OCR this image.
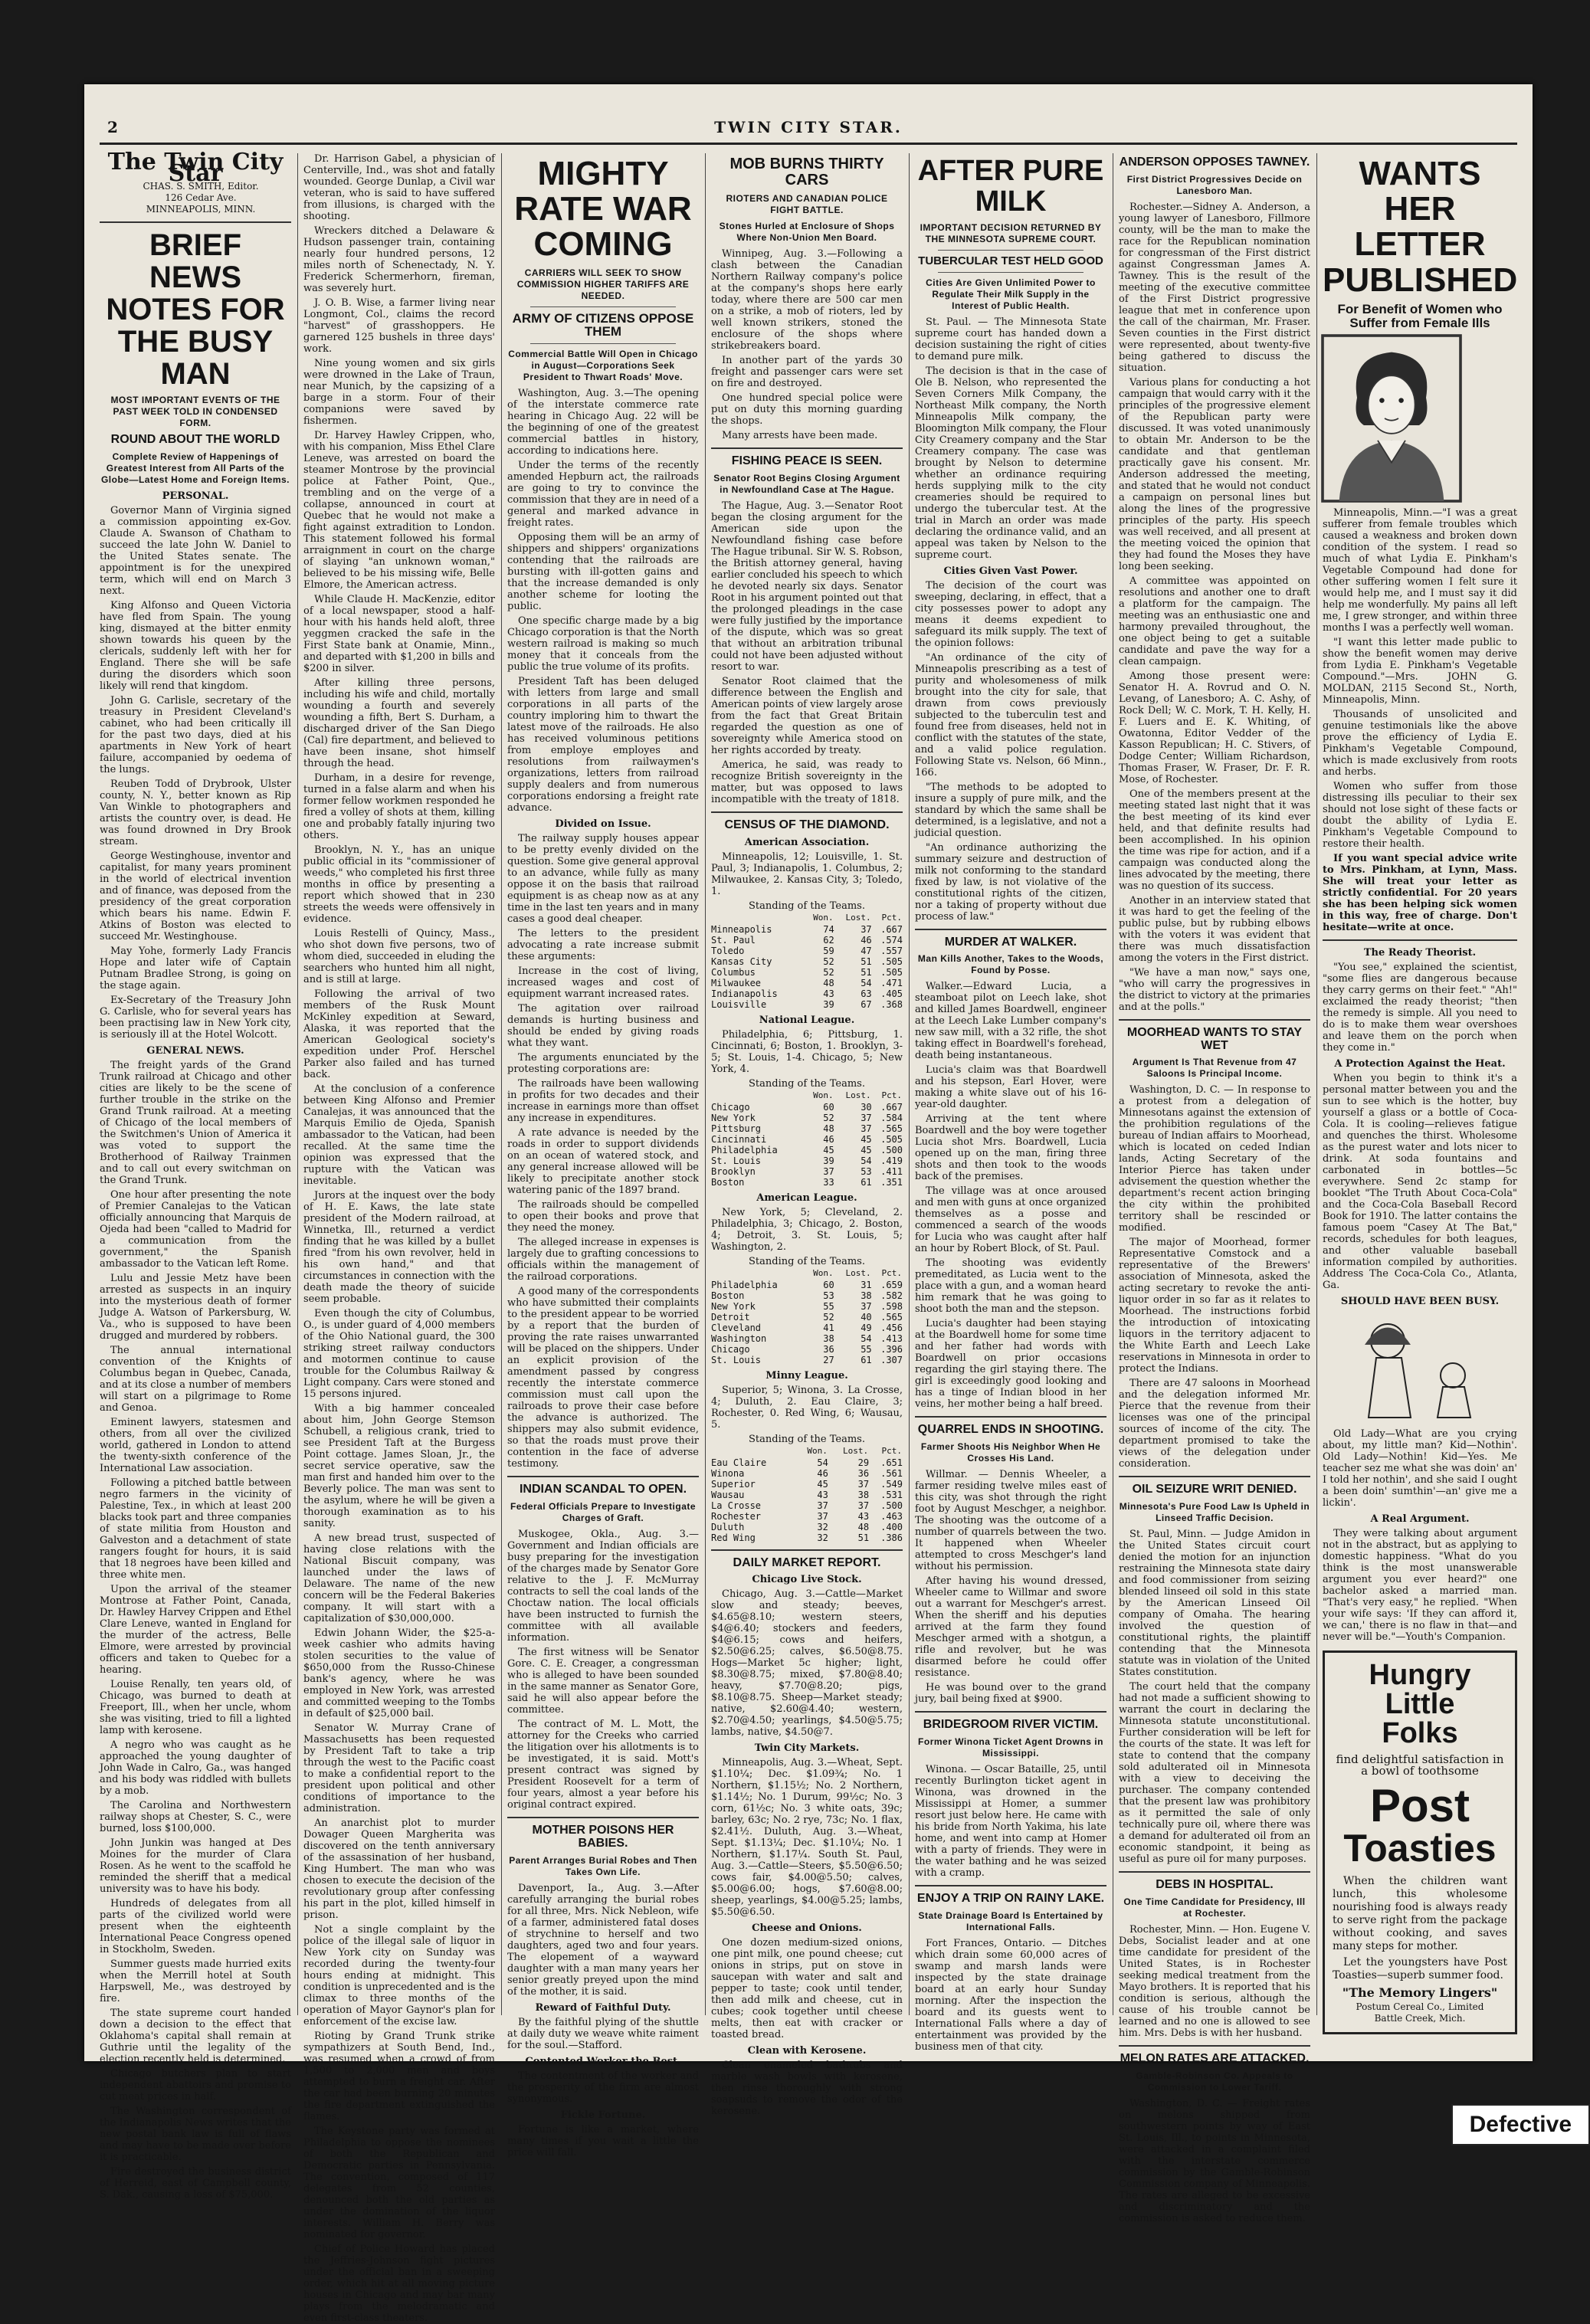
2	TWIN CITY STAR.
The Twin City Star

CHAS. S. SMITH, Editor.

126 Cedar Ave.

MINNEAPOLIS, MINN.

BRIEF NEWS NOTES FOR THE BUSY MAN
MOST IMPORTANT EVENTS OF THE PAST WEEK TOLD IN CONDENSED FORM.
ROUND ABOUT THE WORLD
Complete Review of Happenings of Greatest Interest from All Parts of the Globe—Latest Home and Foreign Items.
PERSONAL.

Governor Mann of Virginia signed a commission appointing ex-Gov. Claude A. Swanson of Chatham to succeed the late John W. Daniel to the United States senate. The appointment is for the unexpired term, which will end on March 3 next.

King Alfonso and Queen Victoria have fled from Spain. The young king, dismayed at the bitter enmity shown towards his queen by the clericals, suddenly left with her for England. There she will be safe during the disorders which soon likely will rend that kingdom.

John G. Carlisle, secretary of the treasury in President Cleveland's cabinet, who had been critically ill for the past two days, died at his apartments in New York of heart failure, accompanied by oedema of the lungs.

Reuben Todd of Drybrook, Ulster county, N. Y., better known as Rip Van Winkle to photographers and artists the country over, is dead. He was found drowned in Dry Brook stream.

George Westinghouse, inventor and capitalist, for many years prominent in the world of electrical invention and of finance, was deposed from the presidency of the great corporation which bears his name. Edwin F. Atkins of Boston was elected to succeed Mr. Westinghouse.

May Yohe, formerly Lady Francis Hope and later wife of Captain Putnam Bradlee Strong, is going on the stage again.

Ex-Secretary of the Treasury John G. Carlisle, who for several years has been practising law in New York city, is seriously ill at the Hotel Wolcott.

GENERAL NEWS.

The freight yards of the Grand Trunk railroad at Chicago and other cities are likely to be the scene of further trouble in the strike on the Grand Trunk railroad. At a meeting of Chicago of the local members of the Switchmen's Union of America it was voted to support the Brotherhood of Railway Trainmen and to call out every switchman on the Grand Trunk.

One hour after presenting the note of Premier Canalejas to the Vatican officially announcing that Marquis de Ojeda had been "called to Madrid for a communication from the government," the Spanish ambassador to the Vatican left Rome.

Lulu and Jessie Metz have been arrested as suspects in an inquiry into the mysterious death of former Judge A. Watson of Parkersburg, W. Va., who is supposed to have been drugged and murdered by robbers.

The annual international convention of the Knights of Columbus began in Quebec, Canada, and at its close a number of members will start on a pilgrimage to Rome and Genoa.

Eminent lawyers, statesmen and others, from all over the civilized world, gathered in London to attend the twenty-sixth conference of the International Law association.

Following a pitched battle between negro farmers in the vicinity of Palestine, Tex., in which at least 200 blacks took part and three companies of state militia from Houston and Galveston and a detachment of state rangers fought for hours, it is said that 18 negroes have been killed and three white men.

Upon the arrival of the steamer Montrose at Father Point, Canada, Dr. Hawley Harvey Crippen and Ethel Clare Leneve, wanted in England for the murder of the actress, Belle Elmore, were arrested by provincial officers and taken to Quebec for a hearing.

Louise Renally, ten years old, of Chicago, was burned to death at Freeport, Ill., when her uncle, whom she was visiting, tried to fill a lighted lamp with kerosene.

A negro who was caught as he approached the young daughter of John Wade in Calro, Ga., was hanged and his body was riddled with bullets by a mob.

The Carolina and Northwestern railway shops at Chester, S. C., were burned, loss $100,000.

John Junkin was hanged at Des Moines for the murder of Clara Rosen. As he went to the scaffold he reminded the sheriff that a medical university was to have his body.

Hundreds of delegates from all parts of the civilized world were present when the eighteenth International Peace Congress opened in Stockholm, Sweden.

Summer guests made hurried exits when the Merrill hotel at South Harpswell, Me., was destroyed by fire.

The state supreme court handed down a decision to the effect that Oklahoma's capital shall remain at Guthrie until the legality of the election recently held is determined.

Chicago butchers plan to start independent abattoirs and promise to cut meat prices in half.

The Washington correspondent of the Indianapolis News writes that the new postal bank law is full of flaws and may have to be made over before it is practicable.

Fire destroyed the business district of Herreid, east of Campbell county, S. Dak., causing a loss of $75,000.

Dr. Harrison Gabel, a physician of Centerville, Ind., was shot and fatally wounded. George Dunlap, a Civil war veteran, who is said to have suffered from illusions, is charged with the shooting.

Wreckers ditched a Delaware & Hudson passenger train, containing nearly four hundred persons, 12 miles north of Schenectady, N. Y. Frederick Schermerhorn, fireman, was severely hurt.

J. O. B. Wise, a farmer living near Longmont, Col., claims the record "harvest" of grasshoppers. He garnered 125 bushels in three days' work.

Nine young women and six girls were drowned in the Lake of Traun, near Munich, by the capsizing of a barge in a storm. Four of their companions were saved by fishermen.

Dr. Harvey Hawley Crippen, who, with his companion, Miss Ethel Clare Leneve, was arrested on board the steamer Montrose by the provincial police at Father Point, Que., trembling and on the verge of a collapse, announced in court at Quebec that he would not make a fight against extradition to London. This statement followed his formal arraignment in court on the charge of slaying "an unknown woman," believed to be his missing wife, Belle Elmore, the American actress.

While Claude H. MacKenzie, editor of a local newspaper, stood a half-hour with his hands held aloft, three yeggmen cracked the safe in the First State bank at Onamie, Minn., and departed with $1,200 in bills and $200 in silver.

After killing three persons, including his wife and child, mortally wounding a fourth and severely wounding a fifth, Bert S. Durham, a discharged driver of the San Diego (Cal) fire department, and believed to have been insane, shot himself through the head.

Durham, in a desire for revenge, turned in a false alarm and when his former fellow workmen responded he fired a volley of shots at them, killing one and probably fatally injuring two others.

Brooklyn, N. Y., has an unique public official in its "commissioner of weeds," who completed his first three months in office by presenting a report which showed that in 230 streets the weeds were offensively in evidence.

Louis Restelli of Quincy, Mass., who shot down five persons, two of whom died, succeeded in eluding the searchers who hunted him all night, and is still at large.

Following the arrival of two members of the Rusk Mount McKinley expedition at Seward, Alaska, it was reported that the American Geological society's expedition under Prof. Herschel Parker also failed and has turned back.

At the conclusion of a conference between King Alfonso and Premier Canalejas, it was announced that the Marquis Emilio de Ojeda, Spanish ambassador to the Vatican, had been recalled. At the same time the opinion was expressed that the rupture with the Vatican was inevitable.

Jurors at the inquest over the body of H. E. Kaws, the late state president of the Modern railroad, at Winnetka, Ill., returned a verdict finding that he was killed by a bullet fired "from his own revolver, held in his own hand," and that circumstances in connection with the death made the theory of suicide seem probable.

Even though the city of Columbus, O., is under guard of 4,000 members of the Ohio National guard, the 300 striking street railway conductors and motormen continue to cause trouble for the Columbus Railway & Light company. Cars were stoned and 15 persons injured.

With a big hammer concealed about him, John George Stemson Schubell, a religious crank, tried to see President Taft at the Burgess Point cottage. James Sloan, Jr., the secret service operative, saw the man first and handed him over to the Beverly police. The man was sent to the asylum, where he will be given a thorough examination as to his sanity.

A new bread trust, suspected of having close relations with the National Biscuit company, was launched under the laws of Delaware. The name of the new concern will be the Federal Bakeries company. It will start with a capitalization of $30,000,000.

Edwin Johann Wider, the $25-a-week cashier who admits having stolen securities to the value of $650,000 from the Russo-Chinese bank's agency, where he was employed in New York, was arrested and committed weeping to the Tombs in default of $25,000 bail.

Senator W. Murray Crane of Massachusetts has been requested by President Taft to take a trip through the west to the Pacific coast to make a confidential report to the president upon political and other conditions of importance to the administration.

An anarchist plot to murder Dowager Queen Margherita was discovered on the tenth anniversary of the assassination of her husband, King Humbert. The man who was chosen to execute the decision of the revolutionary group after confessing his part in the plot, killed himself in prison.

Not a single complaint by the police of the illegal sale of liquor in New York city on Sunday was recorded during the twenty-four hours ending at midnight. This condition is unprecedented and is the climax to three months of the operation of Mayor Gaynor's plan for enforcement of the excise law.

Rioting by Grand Trunk strike sympathizers at South Bend, Ind., was resumed when a crowd of from 1,500 to 2,000 men and boys attempted to burn a freight car. After the car had been burning 20 minutes the fire department extinguished the flames.

The Keystone party was formed at Philadelphia to oppose the nominees of both the Republican and Democratic parties in Pennsylvania. The convention, composed of 117 delegates from 52 counties, denounced both the old parties as under the domination of the liquor interests. William H. Berry was nominated for governor.

Chief of Police Howard has placed the Jeffries-Johnson fight pictures under the official ban in a sweeping order, which hit at all moving picture houses in Chicago and may bar many plays from the melodramatic and even first-class theaters.

MIGHTY RATE WAR COMING
CARRIERS WILL SEEK TO SHOW COMMISSION HIGHER TARIFFS ARE NEEDED.
ARMY OF CITIZENS OPPOSE THEM
Commercial Battle Will Open in Chicago in August—Corporations Seek President to Thwart Roads' Move.

Washington, Aug. 3.—The opening of the interstate commerce rate hearing in Chicago Aug. 22 will be the beginning of one of the greatest commercial battles in history, according to indications here.

Under the terms of the recently amended Hepburn act, the railroads are going to try to convince the commission that they are in need of a general and marked advance in freight rates.

Opposing them will be an army of shippers and shippers' organizations contending that the railroads are bursting with ill-gotten gains and that the increase demanded is only another scheme for looting the public.

One specific charge made by a big Chicago corporation is that the North western railroad is making so much money that it conceals from the public the true volume of its profits.

President Taft has been deluged with letters from large and small corporations in all parts of the country imploring him to thwart the latest move of the railroads. He also has received voluminous petitions from employe employes and resolutions from railwaymen's organizations, letters from railroad supply dealers and from numerous corporations endorsing a freight rate advance.

Divided on Issue.

The railway supply houses appear to be pretty evenly divided on the question. Some give general approval to an advance, while fully as many oppose it on the basis that railroad equipment is as cheap now as at any time in the last ten years and in many cases a good deal cheaper.

The letters to the president advocating a rate increase submit these arguments:

Increase in the cost of living, increased wages and cost of equipment warrant increased rates.

The agitation over railroad demands is hurting business and should be ended by giving roads what they want.

The arguments enunciated by the protesting corporations are:

The railroads have been wallowing in profits for two decades and their increase in earnings more than offset any increase in expenditures.

A rate advance is needed by the roads in order to support dividends on an ocean of watered stock, and any general increase allowed will be likely to precipitate another stock watering panic of the 1897 brand.

The railroads should be compelled to open their books and prove that they need the money.

The alleged increase in expenses is largely due to grafting concessions to officials within the management of the railroad corporations.

A good many of the correspondents who have submitted their complaints to the president appear to be worried by a report that the burden of proving the rate raises unwarranted will be placed on the shippers. Under an explicit provision of the amendment passed by congress recently the interstate commerce commission must call upon the railroads to prove their case before the advance is authorized. The shippers may also submit evidence, so that the roads must prove their contention in the face of adverse testimony.

INDIAN SCANDAL TO OPEN.
Federal Officials Prepare to Investigate Charges of Graft.

Muskogee, Okla., Aug. 3.—Government and Indian officials are busy preparing for the investigation of the charges made by Senator Gore relative to the J. F. McMurray contracts to sell the coal lands of the Choctaw nation. The local officials have been instructed to furnish the committee with all available information.

The first witness will be Senator Gore. C. E. Creager, a congressman who is alleged to have been sounded in the same manner as Senator Gore, said he will also appear before the committee.

The contract of M. L. Mott, the attorney for the Creeks who carried the litigation over his allotments is to be investigated, it is said. Mott's present contract was signed by President Roosevelt for a term of four years, almost a year before his original contract expired.

MOTHER POISONS HER BABIES.
Parent Arranges Burial Robes and Then Takes Own Life.

Davenport, Ia., Aug. 3.—After carefully arranging the burial robes for all three, Mrs. Nick Nebleon, wife of a farmer, administered fatal doses of strychnine to herself and two daughters, aged two and four years. The elopement of a wayward daughter with a man many years her senior greatly preyed upon the mind of the mother, it is said.

Reward of Faithful Duty.

By the faithful plying of the shuttle at daily duty we weave white raiment for the soul.—Stafford.

Contented Worker the Best.

The contentment of the worker and the prosperity of the firm are almost synonymous.

Fickle Fortune.

Fortune is like a market, where many times if you wait a little the price will fall.

MOB BURNS THIRTY CARS
RIOTERS AND CANADIAN POLICE FIGHT BATTLE.
Stones Hurled at Enclosure of Shops Where Non-Union Men Board.

Winnipeg, Aug. 3.—Following a clash between the Canadian Northern Railway company's police at the company's shops here early today, where there are 500 car men on a strike, a mob of rioters, led by well known strikers, stoned the enclosure of the shops where strikebreakers board.

In another part of the yards 30 freight and passenger cars were set on fire and destroyed.

One hundred special police were put on duty this morning guarding the shops.

Many arrests have been made.

FISHING PEACE IS SEEN.
Senator Root Begins Closing Argument in Newfoundland Case at The Hague.

The Hague, Aug. 3.—Senator Root began the closing argument for the American side upon the Newfoundland fishing case before The Hague tribunal. Sir W. S. Robson, the British attorney general, having earlier concluded his speech to which he devoted nearly six days. Senator Root in his argument pointed out that the prolonged pleadings in the case were fully justified by the importance of the dispute, which was so great that without an arbitration tribunal could not have been adjusted without resort to war.

Senator Root claimed that the difference between the English and American points of view largely arose from the fact that Great Britain regarded the question as one of sovereignty while America stood on her rights accorded by treaty.

America, he said, was ready to recognize British sovereignty in the matter, but was opposed to laws incompatible with the treaty of 1818.

CENSUS OF THE DIAMOND.
American Association.

Minneapolis, 12; Louisville, 1. St. Paul, 3; Indianapolis, 1. Columbus, 2; Milwaukee, 2. Kansas City, 3; Toledo, 1.

Standing of the Teams.
	Won.	Lost.	Pct.
Minneapolis	74	37	.667
St. Paul	62	46	.574
Toledo	59	47	.557
Kansas City	52	51	.505
Columbus	52	51	.505
Milwaukee	48	54	.471
Indianapolis	43	63	.405
Louisville	39	67	.368
National League.

Philadelphia, 6; Pittsburg, 1. Cincinnati, 6; Boston, 1. Brooklyn, 3-5; St. Louis, 1-4. Chicago, 5; New York, 4.

Standing of the Teams.
	Won.	Lost.	Pct.
Chicago	60	30	.667
New York	52	37	.584
Pittsburg	48	37	.565
Cincinnati	46	45	.505
Philadelphia	45	45	.500
St. Louis	39	54	.419
Brooklyn	37	53	.411
Boston	33	61	.351
American League.

New York, 5; Cleveland, 2. Philadelphia, 3; Chicago, 2. Boston, 4; Detroit, 3. St. Louis, 5; Washington, 2.

Standing of the Teams.
	Won.	Lost.	Pct.
Philadelphia	60	31	.659
Boston	53	38	.582
New York	55	37	.598
Detroit	52	40	.565
Cleveland	41	49	.456
Washington	38	54	.413
Chicago	36	55	.396
St. Louis	27	61	.307
Minny League.

Superior, 5; Winona, 3. La Crosse, 4; Duluth, 2. Eau Claire, 3; Rochester, 0. Red Wing, 6; Wausau, 5.

Standing of the Teams.
	Won.	Lost.	Pct.
Eau Claire	54	29	.651
Winona	46	36	.561
Superior	45	37	.549
Wausau	43	38	.531
La Crosse	37	37	.500
Rochester	37	43	.463
Duluth	32	48	.400
Red Wing	32	51	.386
DAILY MARKET REPORT.
Chicago Live Stock.

Chicago, Aug. 3.—Cattle—Market slow and steady; beeves, $4.65@8.10; western steers, $4@6.40; stockers and feeders, $4@6.15; cows and heifers, $2.50@6.25; calves, $6.50@8.75. Hogs—Market 5c higher; light, $8.30@8.75; mixed, $7.80@8.40; heavy, $7.70@8.20; pigs, $8.10@8.75. Sheep—Market steady; native, $2.60@4.40; western, $2.70@4.50; yearlings, $4.50@5.75; lambs, native, $4.50@7.

Twin City Markets.

Minneapolis, Aug. 3.—Wheat, Sept. $1.10¼; Dec. $1.09¾; No. 1 Northern, $1.15½; No. 2 Northern, $1.14½; No. 1 Durum, 99½c; No. 3 corn, 61½c; No. 3 white oats, 39c; barley, 63c; No. 2 rye, 73c; No. 1 flax, $2.41½. Duluth, Aug. 3.—Wheat, Sept. $1.13¼; Dec. $1.10¼; No. 1 Northern, $1.17¼. South St. Paul, Aug. 3.—Cattle—Steers, $5.50@6.50; cows fair, $4.00@5.50; calves, $5.00@6.00; hogs, $7.60@8.00; sheep, yearlings, $4.00@5.25; lambs, $5.50@6.50.

Cheese and Onions.

One dozen medium-sized onions, one pint milk, one pound cheese; cut onions in strips, put on stove in saucepan with water and salt and pepper to taste; cook until tender, then add milk and cheese, cut in cubes; cook together until cheese melts, then eat with cracker or toasted bread.

Clean with Kerosene.

Clean enameled bathtubs and marble wash bowls with kerosene, then rinse thoroughly with strong soapsuds to remove the odor of the kerosene.

AFTER PURE MILK
IMPORTANT DECISION RETURNED BY THE MINNESOTA SUPREME COURT.
TUBERCULAR TEST HELD GOOD
Cities Are Given Unlimited Power to Regulate Their Milk Supply in the Interest of Public Health.

St. Paul. — The Minnesota State supreme court has handed down a decision sustaining the right of cities to demand pure milk.

The decision is that in the case of Ole B. Nelson, who represented the Seven Corners Milk Company, the Northeast Milk company, the North Minneapolis Milk company, the Bloomington Milk company, the Flour City Creamery company and the Star Creamery company. The case was brought by Nelson to determine whether an ordinance requiring herds supplying milk to the city creameries should be required to undergo the tubercular test. At the trial in March an order was made declaring the ordinance valid, and an appeal was taken by Nelson to the supreme court.

Cities Given Vast Power.

The decision of the court was sweeping, declaring, in effect, that a city possesses power to adopt any means it deems expedient to safeguard its milk supply. The text of the opinion follows:

"An ordinance of the city of Minneapolis prescribing as a test of purity and wholesomeness of milk brought into the city for sale, that drawn from cows previously subjected to the tuberculin test and found free from diseases, held not in conflict with the statutes of the state, and a valid police regulation. Following State vs. Nelson, 66 Minn., 166.

"The methods to be adopted to insure a supply of pure milk, and the standard by which the same shall be determined, is a legislative, and not a judicial question.

"An ordinance authorizing the summary seizure and destruction of milk not conforming to the standard fixed by law, is not violative of the constitutional rights of the citizen, nor a taking of property without due process of law."

MURDER AT WALKER.
Man Kills Another, Takes to the Woods, Found by Posse.

Walker.—Edward Lucia, a steamboat pilot on Leech lake, shot and killed James Boardwell, engineer at the Leech Lake Lumber company's new saw mill, with a 32 rifle, the shot taking effect in Boardwell's forehead, death being instantaneous.

Lucia's claim was that Boardwell and his stepson, Earl Hover, were making a white slave out of his 16-year-old daughter.

Arriving at the tent where Boardwell and the boy were together Lucia shot Mrs. Boardwell, Lucia opened up on the man, firing three shots and then took to the woods back of the premises.

The village was at once aroused and men with guns at once organized themselves as a posse and commenced a search of the woods for Lucia who was caught after half an hour by Robert Block, of St. Paul.

The shooting was evidently premeditated, as Lucia went to the place with a gun, and a woman heard him remark that he was going to shoot both the man and the stepson.

Lucia's daughter had been staying at the Boardwell home for some time and her father had words with Boardwell on prior occasions regarding the girl staying there. The girl is exceedingly good looking and has a tinge of Indian blood in her veins, her mother being a half breed.

QUARREL ENDS IN SHOOTING.
Farmer Shoots His Neighbor When He Crosses His Land.

Willmar. — Dennis Wheeler, a farmer residing twelve miles east of this city, was shot through the right foot by August Meschger, a neighbor. The shooting was the outcome of a number of quarrels between the two. It happened when Wheeler attempted to cross Meschger's land without his permission.

After having his wound dressed, Wheeler came to Willmar and swore out a warrant for Meschger's arrest. When the sheriff and his deputies arrived at the farm they found Meschger armed with a shotgun, a rifle and revolver, but he was disarmed before he could offer resistance.

He was bound over to the grand jury, bail being fixed at $900.

BRIDEGROOM RIVER VICTIM.
Former Winona Ticket Agent Drowns in Mississippi.

Winona. — Oscar Bataille, 25, until recently Burlington ticket agent in Winona, was drowned in the Mississippi at Homer, a summer resort just below here. He came with his bride from North Yakima, his late home, and went into camp at Homer with a party of friends. They were in the water bathing and he was seized with a cramp.

ENJOY A TRIP ON RAINY LAKE.
State Drainage Board Is Entertained by International Falls.

Fort Frances, Ontario. — Ditches which drain some 60,000 acres of swamp and marsh lands were inspected by the state drainage board at an early hour Sunday morning. After the inspection the board and its guests went to International Falls where a day of entertainment was provided by the business men of that city.

ANDERSON OPPOSES TAWNEY.
First District Progressives Decide on Lanesboro Man.

Rochester.—Sidney A. Anderson, a young lawyer of Lanesboro, Fillmore county, will be the man to make the race for the Republican nomination for congressman of the First district against Congressman James A. Tawney. This is the result of the meeting of the executive committee of the First District progressive league that met in conference upon the call of the chairman, Mr. Fraser. Seven counties in the First district were represented, about twenty-five being gathered to discuss the situation.

Various plans for conducting a hot campaign that would carry with it the principles of the progressive element of the Republican party were discussed. It was voted unanimously to obtain Mr. Anderson to be the candidate and that gentleman practically gave his consent. Mr. Anderson addressed the meeting, and stated that he would not conduct a campaign on personal lines but along the lines of the progressive principles of the party. His speech was well received, and all present at the meeting voiced the opinion that they had found the Moses they have long been seeking.

A committee was appointed on resolutions and another one to draft a platform for the campaign. The meeting was an enthusiastic one and harmony prevailed throughout, the one object being to get a suitable candidate and pave the way for a clean campaign.

Among those present were: Senator H. A. Rovrud and O. N. Levang, of Lanesboro; A. C. Ashy, of Rock Dell; W. C. Mork, T. H. Kelly, H. F. Luers and E. K. Whiting, of Owatonna, Editor Vedder of the Kasson Republican; H. C. Stivers, of Dodge Center; William Richardson, Thomas Fraser, W. Fraser, Dr. F. R. Mose, of Rochester.

One of the members present at the meeting stated last night that it was the best meeting of its kind ever held, and that definite results had been accomplished. In his opinion the time was ripe for action, and if a campaign was conducted along the lines advocated by the meeting, there was no question of its success.

Another in an interview stated that it was hard to get the feeling of the public pulse, but by rubbing elbows with the voters it was evident that there was much dissatisfaction among the voters in the First district.

"We have a man now," says one, "who will carry the progressives in the district to victory at the primaries and at the polls."

MOORHEAD WANTS TO STAY WET
Argument Is That Revenue from 47 Saloons Is Principal Income.

Washington, D. C. — In response to a protest from a delegation of Minnesotans against the extension of the prohibition regulations of the bureau of Indian affairs to Moorhead, which is located on ceded Indian lands, Acting Secretary of the Interior Pierce has taken under advisement the question whether the department's recent action bringing the city within the prohibited territory shall be rescinded or modified.

The major of Moorhead, former Representative Comstock and a representative of the Brewers' association of Minnesota, asked the acting secretary to revoke the anti-liquor order in so far as it relates to Moorhead. The instructions forbid the introduction of intoxicating liquors in the territory adjacent to the White Earth and Leech Lake reservations in Minnesota in order to protect the Indians.

There are 47 saloons in Moorhead and the delegation informed Mr. Pierce that the revenue from their licenses was one of the principal sources of income of the city. The department promised to take the views of the delegation under consideration.

OIL SEIZURE WRIT DENIED.
Minnesota's Pure Food Law Is Upheld in Linseed Traffic Decision.

St. Paul, Minn. — Judge Amidon in the United States circuit court denied the motion for an injunction restraining the Minnesota state dairy and food commissioner from seizing blended linseed oil sold in this state by the American Linseed Oil company of Omaha. The hearing involved the question of constitutional rights, the plaintiff contending that the Minnesota statute was in violation of the United States constitution.

The court held that the company had not made a sufficient showing to warrant the court in declaring the Minnesota statute unconstitutional. Further consideration will be left for the courts of the state. It was left for state to contend that the company sold adulterated oil in Minnesota with a view to deceiving the purchaser. The company contended that the present law was prohibitory as it permitted the sale of only technically pure oil, where there was a demand for adulterated oil from an economic standpoint, it being as useful as pure oil for many purposes.

DEBS IN HOSPITAL.
One Time Candidate for Presidency, Ill at Rochester.

Rochester, Minn. — Hon. Eugene V. Debs, Socialist leader and at one time candidate for president of the United States, is in Rochester seeking medical treatment from the Mayo brothers. It is reported that his condition is serious, although the cause of his trouble cannot be learned and no one is allowed to see him. Mrs. Debs is with her husband.

MELON RATES ARE ATTACKED.
Gamble-Robinson Co. Appeals to Commission to Lower Tariff.

Washington, D. C. — Freight rates on melons shipped from southwestern points by way of East St. Louis, Ill., to points in Minnesota, were attacked in a complaint filed with the interstate commerce commission by the Gamble-Robinson Commission company of Minneapolis. The rates are alleged to be excessive and discriminatory and the commission is asked to reduce them.

WANTS HER LETTER PUBLISHED
For Benefit of Women who Suffer from Female Ills

Minneapolis, Minn.—"I was a great sufferer from female troubles which caused a weakness and broken down condition of the system. I read so much of what Lydia E. Pinkham's Vegetable Compound had done for other suffering women I felt sure it would help me, and I must say it did help me wonderfully. My pains all left me, I grew stronger, and within three months I was a perfectly well woman.

"I want this letter made public to show the benefit women may derive from Lydia E. Pinkham's Vegetable Compound."—Mrs. JOHN G. MOLDAN, 2115 Second St., North, Minneapolis, Minn.

Thousands of unsolicited and genuine testimonials like the above prove the efficiency of Lydia E. Pinkham's Vegetable Compound, which is made exclusively from roots and herbs.

Women who suffer from those distressing ills peculiar to their sex should not lose sight of these facts or doubt the ability of Lydia E. Pinkham's Vegetable Compound to restore their health.

If you want special advice write to Mrs. Pinkham, at Lynn, Mass. She will treat your letter as strictly confidential. For 20 years she has been helping sick women in this way, free of charge. Don't hesitate—write at once.

The Ready Theorist.

"You see," explained the scientist, "some flies are dangerous because they carry germs on their feet." "Ah!" exclaimed the ready theorist; "then the remedy is simple. All you need to do is to make them wear overshoes and leave them on the porch when they come in."

A Protection Against the Heat.

When you begin to think it's a personal matter between you and the sun to see which is the hotter, buy yourself a glass or a bottle of Coca-Cola. It is cooling—relieves fatigue and quenches the thirst. Wholesome as the purest water and lots nicer to drink. At soda fountains and carbonated in bottles—5c everywhere. Send 2c stamp for booklet "The Truth About Coca-Cola" and the Coca-Cola Baseball Record Book for 1910. The latter contains the famous poem "Casey At The Bat," records, schedules for both leagues, and other valuable baseball information compiled by authorities. Address The Coca-Cola Co., Atlanta, Ga.

SHOULD HAVE BEEN BUSY.

Old Lady—What are you crying about, my little man? Kid—Nothin'. Old Lady—Nothin! Kid—Yes. Me teacher sez me what she was doin' an' I told her nothin', and she said I ought a been doin' sumthin'—an' give me a lickin'.

A Real Argument.

They were talking about argument not in the abstract, but as applying to domestic happiness. "What do you think is the most unanswerable argument you ever heard?" one bachelor asked a married man. "That's very easy," he replied. "When your wife says: 'If they can afford it, we can,' there is no flaw in that—and never will be."—Youth's Companion.

Hungry
Little
Folks
find delightful satisfaction in a bowl of toothsome
Post
Toasties

When the children want lunch, this wholesome nourishing food is always ready to serve right from the package without cooking, and saves many steps for mother.

Let the youngsters have Post Toasties—superb summer food.

"The Memory Lingers"
Postum Cereal Co., Limited
Battle Creek, Mich.
Defective
